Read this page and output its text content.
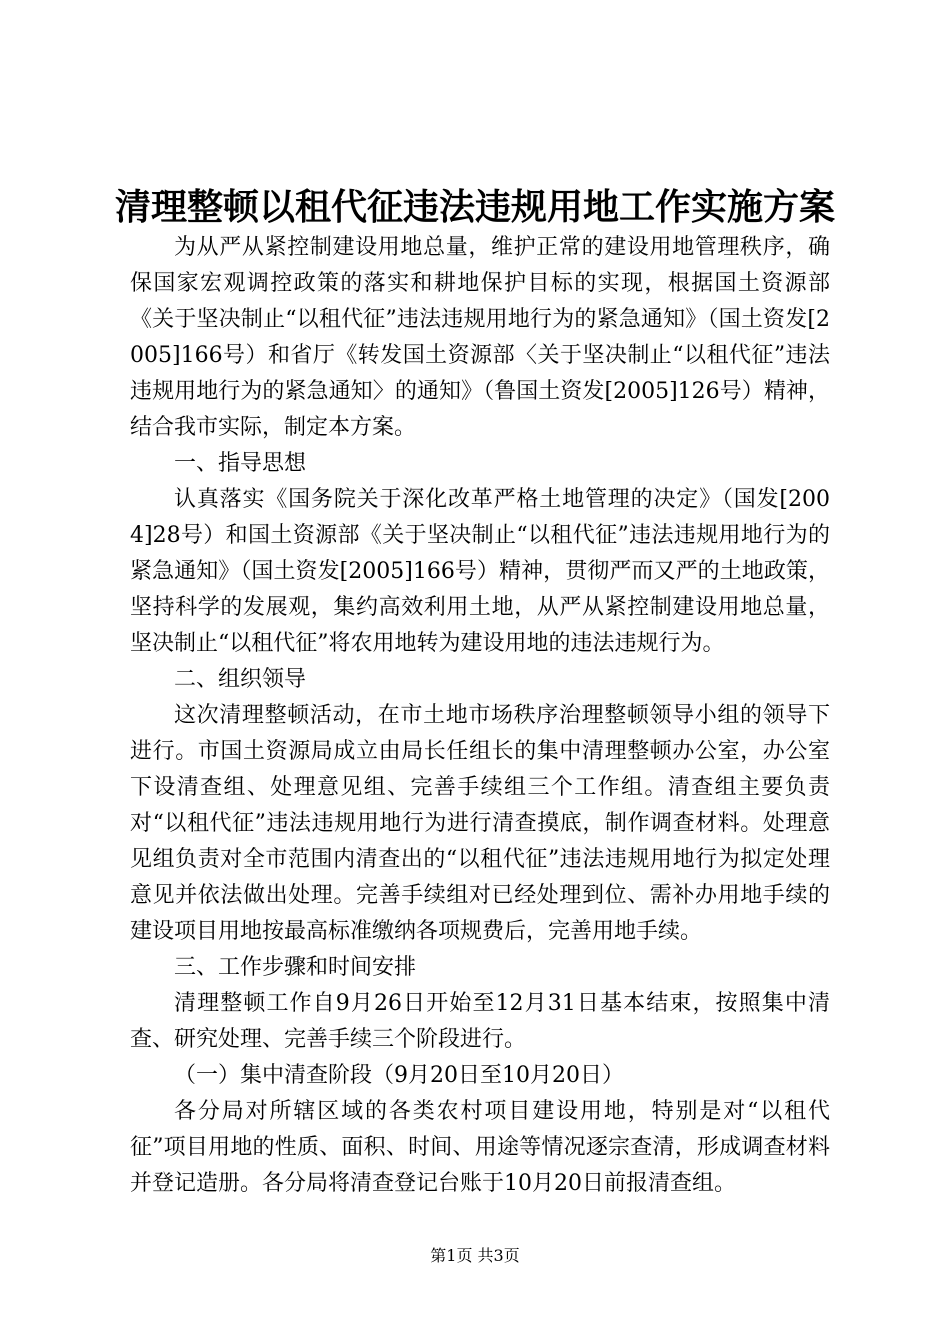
清理整顿以租代征违法违规用地工作实施方案

为从严从紧控制建设用地总量，维护正常的建设用地管理秩序，确保国家宏观调控政策的落实和耕地保护目标的实现，根据国土资源部《关于坚决制止“以租代征”违法违规用地行为的紧急通知》（国土资发[2005]166号）和省厅《转发国土资源部〈关于坚决制止“以租代征”违法违规用地行为的紧急通知〉的通知》（鲁国土资发[2005]126号）精神，结合我市实际，制定本方案。

一、指导思想

认真落实《国务院关于深化改革严格土地管理的决定》（国发[2004]28号）和国土资源部《关于坚决制止“以租代征”违法违规用地行为的紧急通知》（国土资发[2005]166号）精神，贯彻严而又严的土地政策，坚持科学的发展观，集约高效利用土地，从严从紧控制建设用地总量，坚决制止“以租代征”将农用地转为建设用地的违法违规行为。

二、组织领导

这次清理整顿活动，在市土地市场秩序治理整顿领导小组的领导下进行。市国土资源局成立由局长任组长的集中清理整顿办公室，办公室下设清查组、处理意见组、完善手续组三个工作组。清查组主要负责对“以租代征”违法违规用地行为进行清查摸底，制作调查材料。处理意见组负责对全市范围内清查出的“以租代征”违法违规用地行为拟定处理意见并依法做出处理。完善手续组对已经处理到位、需补办用地手续的建设项目用地按最高标准缴纳各项规费后，完善用地手续。

三、工作步骤和时间安排

清理整顿工作自9月26日开始至12月31日基本结束，按照集中清查、研究处理、完善手续三个阶段进行。

（一）集中清查阶段（9月20日至10月20日）

各分局对所辖区域的各类农村项目建设用地，特别是对“以租代征”项目用地的性质、面积、时间、用途等情况逐宗查清，形成调查材料并登记造册。各分局将清查登记台账于10月20日前报清查组。

第1页 共3页
